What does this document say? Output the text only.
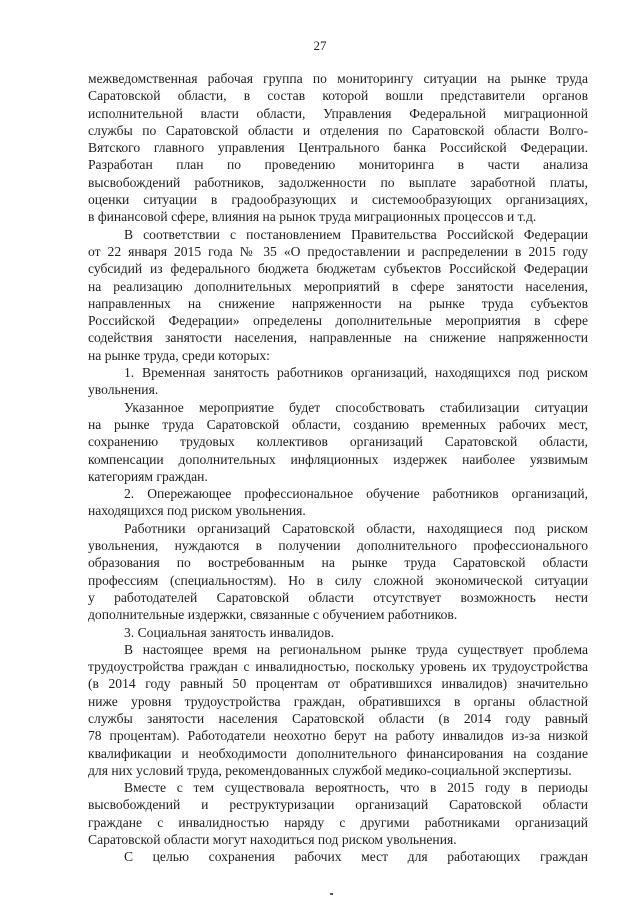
27
межведомственная рабочая группа по мониторингу ситуации на рынке труда
Саратовской области, в состав которой вошли представители органов
исполнительной власти области, Управления Федеральной миграционной
службы по Саратовской области и отделения по Саратовской области Волго-
Вятского главного управления Центрального банка Российской Федерации.
Разработан план по проведению мониторинга в части анализа
высвобождений работников, задолженности по выплате заработной платы,
оценки ситуации в градообразующих и системообразующих организациях,
в финансовой сфере, влияния на рынок труда миграционных процессов и т.д.
В соответствии с постановлением Правительства Российской Федерации
от 22 января 2015 года № 35 «О предоставлении и распределении в 2015 году
субсидий из федерального бюджета бюджетам субъектов Российской Федерации
на реализацию дополнительных мероприятий в сфере занятости населения,
направленных на снижение напряженности на рынке труда субъектов
Российской Федерации» определены дополнительные мероприятия в сфере
содействия занятости населения, направленные на снижение напряженности
на рынке труда, среди которых:
1. Временная занятость работников организаций, находящихся под риском
увольнения.
Указанное мероприятие будет способствовать стабилизации ситуации
на рынке труда Саратовской области, созданию временных рабочих мест,
сохранению трудовых коллективов организаций Саратовской области,
компенсации дополнительных инфляционных издержек наиболее уязвимым
категориям граждан.
2. Опережающее профессиональное обучение работников организаций,
находящихся под риском увольнения.
Работники организаций Саратовской области, находящиеся под риском
увольнения, нуждаются в получении дополнительного профессионального
образования по востребованным на рынке труда Саратовской области
профессиям (специальностям). Но в силу сложной экономической ситуации
у работодателей Саратовской области отсутствует возможность нести
дополнительные издержки, связанные с обучением работников.
3. Социальная занятость инвалидов.
В настоящее время на региональном рынке труда существует проблема
трудоустройства граждан с инвалидностью, поскольку уровень их трудоустройства
(в 2014 году равный 50 процентам от обратившихся инвалидов) значительно
ниже уровня трудоустройства граждан, обратившихся в органы областной
службы занятости населения Саратовской области (в 2014 году равный
78 процентам). Работодатели неохотно берут на работу инвалидов из-за низкой
квалификации и необходимости дополнительного финансирования на создание
для них условий труда, рекомендованных службой медико-социальной экспертизы.
Вместе с тем существовала вероятность, что в 2015 году в периоды
высвобождений и реструктуризации организаций Саратовской области
граждане с инвалидностью наряду с другими работниками организаций
Саратовской области могут находиться под риском увольнения.
С целью сохранения рабочих мест для работающих граждан
